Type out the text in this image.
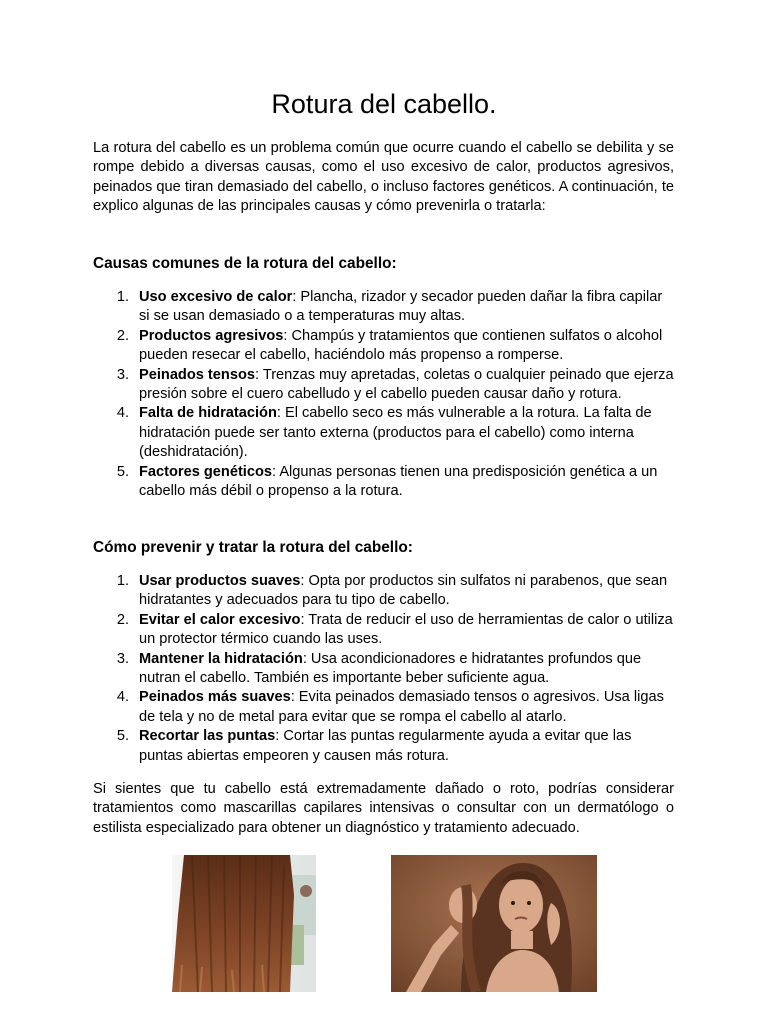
Rotura del cabello.

La rotura del cabello es un problema común que ocurre cuando el cabello se debilita y se rompe debido a diversas causas, como el uso excesivo de calor, productos agresivos, peinados que tiran demasiado del cabello, o incluso factores genéticos. A continuación, te explico algunas de las principales causas y cómo prevenirla o tratarla:

Causas comunes de la rotura del cabello:
1. Uso excesivo de calor: Plancha, rizador y secador pueden dañar la fibra capilar si se usan demasiado o a temperaturas muy altas.
2. Productos agresivos: Champús y tratamientos que contienen sulfatos o alcohol pueden resecar el cabello, haciéndolo más propenso a romperse.
3. Peinados tensos: Trenzas muy apretadas, coletas o cualquier peinado que ejerza presión sobre el cuero cabelludo y el cabello pueden causar daño y rotura.
4. Falta de hidratación: El cabello seco es más vulnerable a la rotura. La falta de hidratación puede ser tanto externa (productos para el cabello) como interna (deshidratación).
5. Factores genéticos: Algunas personas tienen una predisposición genética a un cabello más débil o propenso a la rotura.
Cómo prevenir y tratar la rotura del cabello:
1. Usar productos suaves: Opta por productos sin sulfatos ni parabenos, que sean hidratantes y adecuados para tu tipo de cabello.
2. Evitar el calor excesivo: Trata de reducir el uso de herramientas de calor o utiliza un protector térmico cuando las uses.
3. Mantener la hidratación: Usa acondicionadores e hidratantes profundos que nutran el cabello. También es importante beber suficiente agua.
4. Peinados más suaves: Evita peinados demasiado tensos o agresivos. Usa ligas de tela y no de metal para evitar que se rompa el cabello al atarlo.
5. Recortar las puntas: Cortar las puntas regularmente ayuda a evitar que las puntas abiertas empeoren y causen más rotura.

Si sientes que tu cabello está extremadamente dañado o roto, podrías considerar tratamientos como mascarillas capilares intensivas o consultar con un dermatólogo o estilista especializado para obtener un diagnóstico y tratamiento adecuado.
